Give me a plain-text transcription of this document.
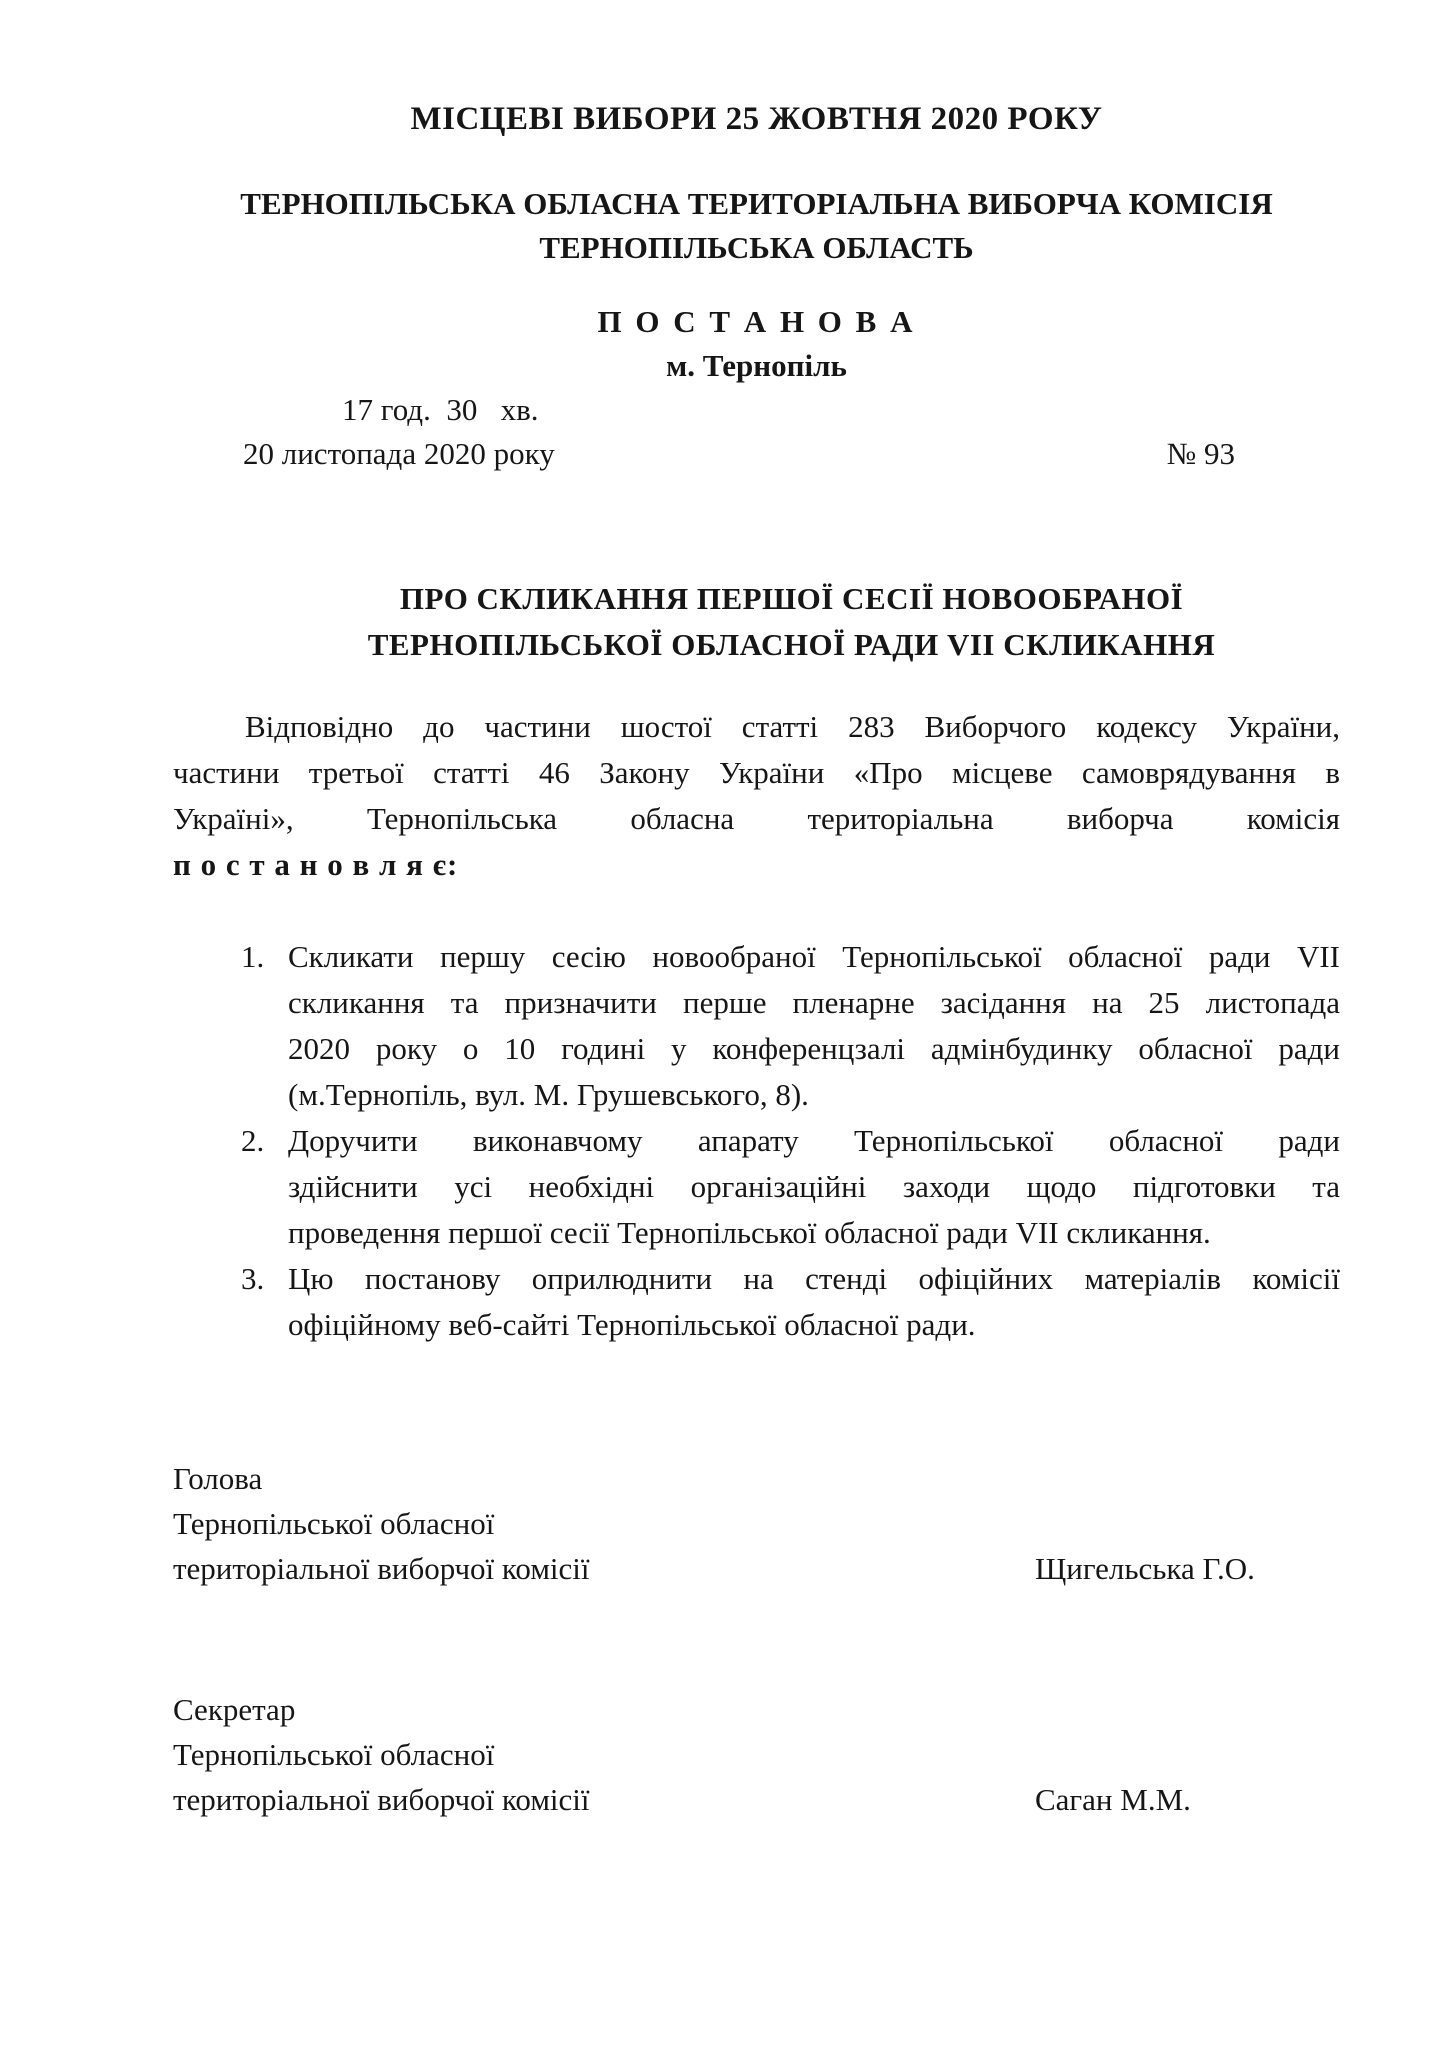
МІСЦЕВІ ВИБОРИ 25 ЖОВТНЯ 2020 РОКУ
ТЕРНОПІЛЬСЬКА ОБЛАСНА ТЕРИТОРІАЛЬНА ВИБОРЧА КОМІСІЯ
ТЕРНОПІЛЬСЬКА ОБЛАСТЬ
П О С Т А Н О В А
м. Тернопіль
17 год.  30   хв.
20 листопада 2020 року	№ 93
ПРО СКЛИКАННЯ ПЕРШОЇ СЕСІЇ НОВООБРАНОЇ
ТЕРНОПІЛЬСЬКОЇ ОБЛАСНОЇ РАДИ VII СКЛИКАННЯ
Відповідно до частини шостої статті 283 Виборчого кодексу України,
частини третьої статті 46 Закону України «Про місцеве самоврядування в
Україні», Тернопільська обласна територіальна виборча комісія
п о с т а н о в л я є:
1. Скликати першу сесію новообраної Тернопільської обласної ради VII
скликання та призначити перше пленарне засідання на 25 листопада
2020 року о 10 годині у конференцзалі адмінбудинку обласної ради
(м.Тернопіль, вул. М. Грушевського, 8).
2. Доручити виконавчому апарату Тернопільської обласної ради
здійснити усі необхідні організаційні заходи щодо підготовки та
проведення першої сесії Тернопільської обласної ради VII скликання.
3. Цю постанову оприлюднити на стенді офіційних матеріалів комісії
офіційному веб-сайті Тернопільської обласної ради.
Голова
Тернопільської обласної
територіальної виборчої комісії	Щигельська Г.О.
Секретар
Тернопільської обласної
територіальної виборчої комісії	Саган М.М.
